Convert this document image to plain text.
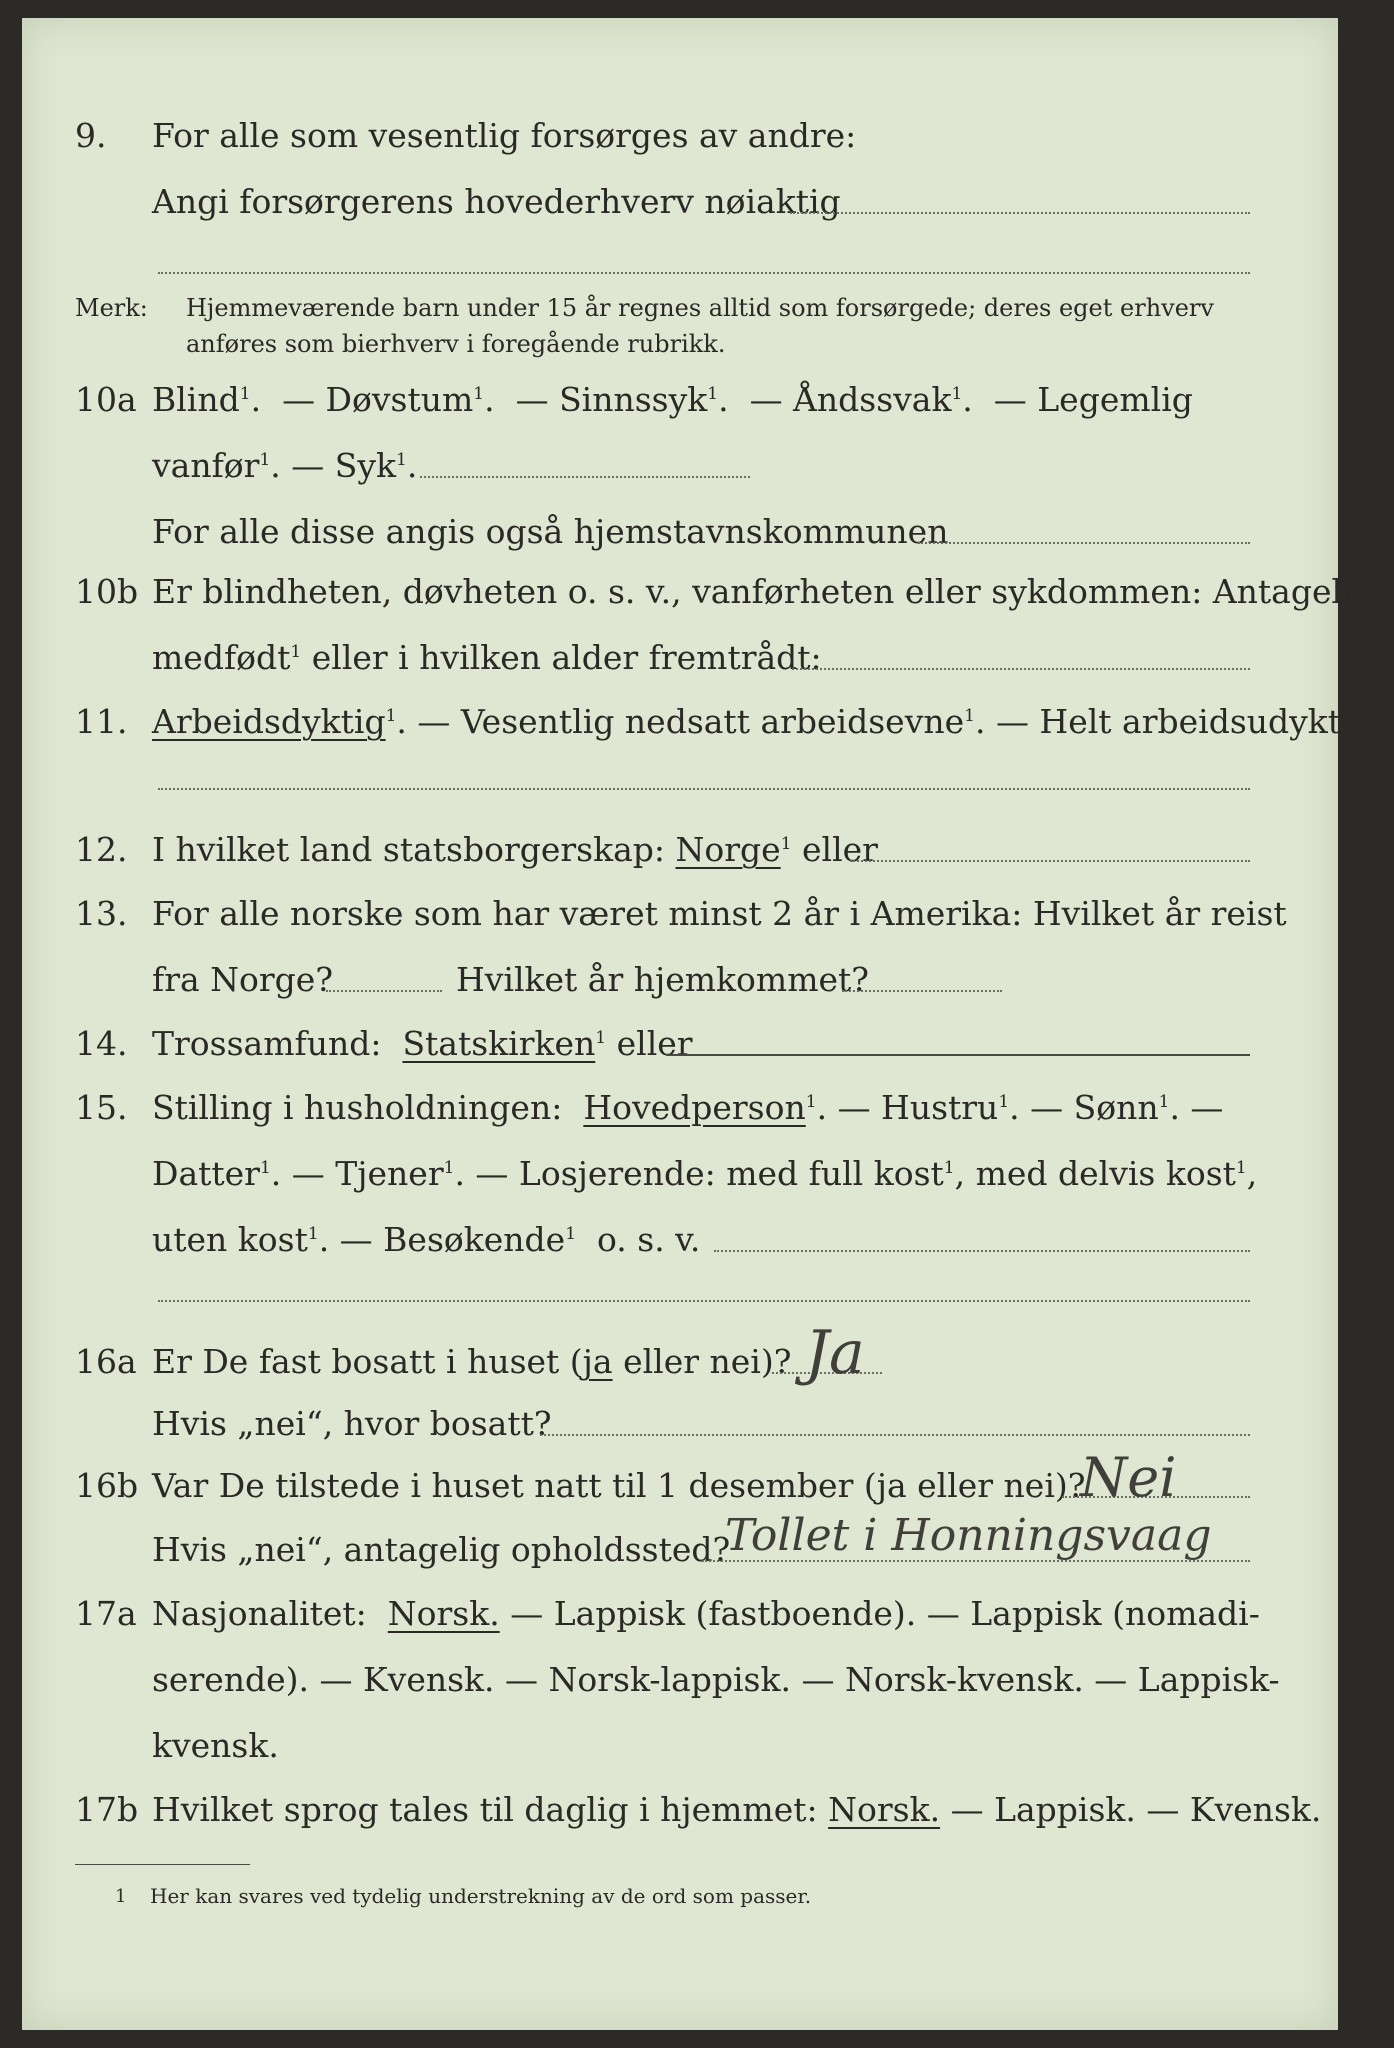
9. For alle som vesentlig forsørges av andre:
Angi forsørgerens hovederhverv nøiaktig
Merk: Hjemmeværende barn under 15 år regnes alltid som forsørgede; deres eget erhverv
anføres som bierhverv i foregående rubrikk.
10a Blind$^1$.  — Døvstum$^1$.  — Sinnssyk$^1$.  — Åndssvak$^1$.  — Legemlig
vanfør$^1$. — Syk$^1$.
For alle disse angis også hjemstavnskommunen
10b Er blindheten, døvheten o. s. v., vanførheten eller sykdommen: Antagelig
medfødt$^1$ eller i hvilken alder fremtrådt:
11. Arbeidsdyktig$^1$. — Vesentlig nedsatt arbeidsevne$^1$. — Helt arbeidsudyktig$^1$.
12. I hvilket land statsborgerskap: Norge$^1$ eller
13. For alle norske som har været minst 2 år i Amerika: Hvilket år reist
fra Norge?	Hvilket år hjemkommet?
14. Trossamfund: Statskirken$^1$ eller
15. Stilling i husholdningen: Hovedperson$^1$. — Hustru$^1$. — Sønn$^1$. —
Datter$^1$. — Tjener$^1$. — Losjerende: med full kost$^1$, med delvis kost$^1$,
uten kost$^1$. — Besøkende$^1$ o. s. v.
16a Er De fast bosatt i huset (ja eller nei)? Ja
Hvis „nei“, hvor bosatt?
16b Var De tilstede i huset natt til 1 desember (ja eller nei)?
Nei
Hvis „nei“, antagelig opholdssted?
Tollet i Honningsvaag
17a Nasjonalitet: Norsk. — Lappisk (fastboende). — Lappisk (nomadi-
serende). — Kvensk. — Norsk-lappisk. — Norsk-kvensk. — Lappisk-
kvensk.
17b Hvilket sprog tales til daglig i hjemmet: Norsk. — Lappisk. — Kvensk.
1 Her kan svares ved tydelig understrekning av de ord som passer.
